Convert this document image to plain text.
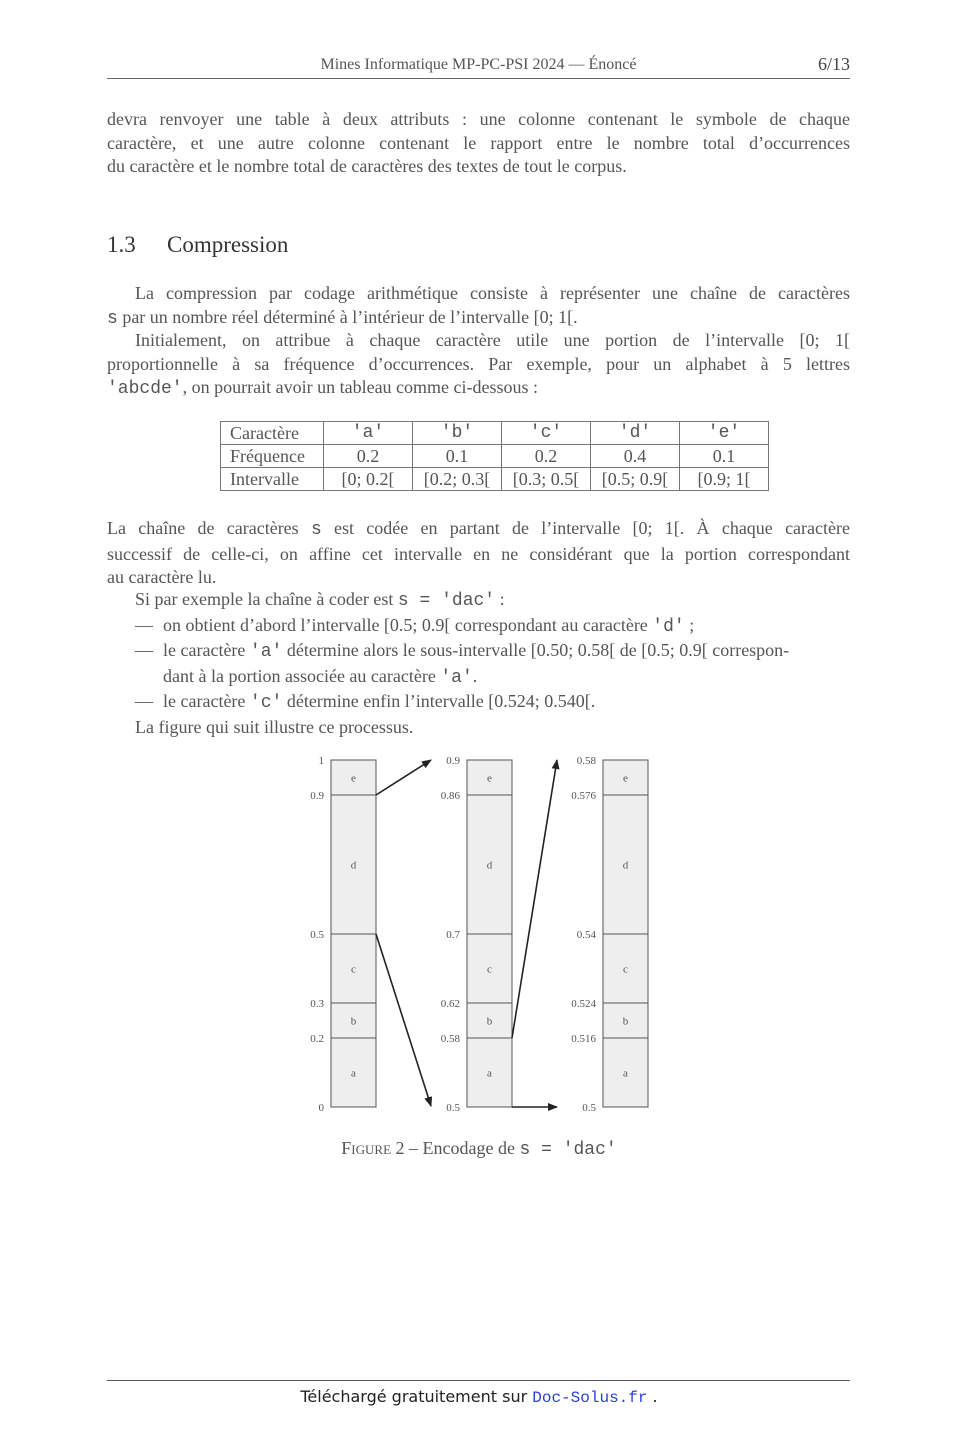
Mines Informatique MP-PC-PSI 2024 — Énoncé	6/13
devra renvoyer une table à deux attributs : une colonne contenant le symbole de chaque
caractère, et une autre colonne contenant le rapport entre le nombre total d’occurrences
du caractère et le nombre total de caractères des textes de tout le corpus.
1.3 Compression
La compression par codage arithmétique consiste à représenter une chaîne de caractères
s par un nombre réel déterminé à l’intérieur de l’intervalle [0; 1[.
Initialement, on attribue à chaque caractère utile une portion de l’intervalle [0; 1[
proportionnelle à sa fréquence d’occurrences. Par exemple, pour un alphabet à 5 lettres
'abcde', on pourrait avoir un tableau comme ci-dessous :
Caractère	'a'	'b'	'c'	'd'	'e'
Fréquence	0.2	0.1	0.2	0.4	0.1
Intervalle	[0; 0.2[	[0.2; 0.3[	[0.3; 0.5[	[0.5; 0.9[	[0.9; 1[
La chaîne de caractères s est codée en partant de l’intervalle [0; 1[. À chaque caractère
successif de celle-ci, on affine cet intervalle en ne considérant que la portion correspondant
au caractère lu.
Si par exemple la chaîne à coder est s = 'dac' :
— on obtient d’abord l’intervalle [0.5; 0.9[ correspondant au caractère 'd' ;
— le caractère 'a' détermine alors le sous-intervalle [0.50; 0.58[ de [0.5; 0.9[ correspon-
dant à la portion associée au caractère 'a'.
— le caractère 'c' détermine enfin l’intervalle [0.524; 0.540[.
La figure qui suit illustre ce processus.
1
0.9
0.5
0.3
0.2
0
e
d
c
b
a
0.9
0.86
0.7
0.62
0.58
0.5
e
d
c
b
a
0.58
0.576
0.54
0.524
0.516
0.5
e
d
c
b
a
Figure 2 – Encodage de s = 'dac'
Téléchargé gratuitement sur Doc-Solus.fr .
